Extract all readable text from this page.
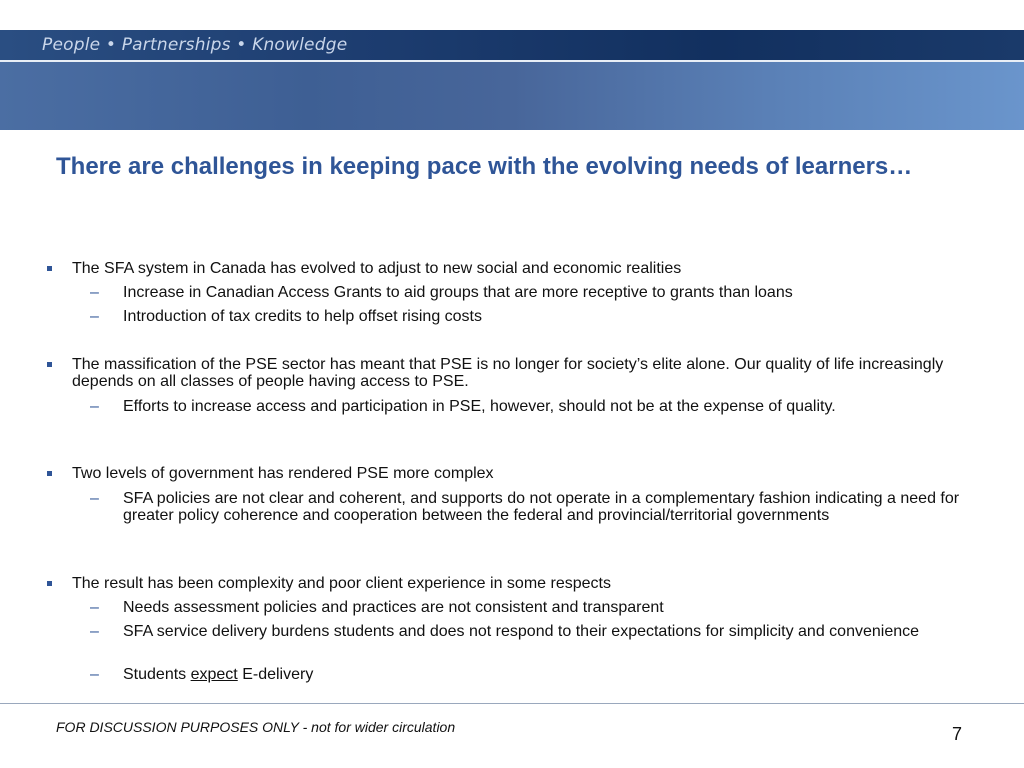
People • Partnerships • Knowledge
There are challenges in keeping pace with the evolving needs of learners…
The SFA system in Canada has evolved to adjust to new social and economic realities
– Increase in Canadian Access Grants to aid groups that are more receptive to grants than loans
– Introduction of tax credits to help offset rising costs
The massification of the PSE sector has meant that PSE is no longer for society’s elite alone. Our quality of life increasingly depends on all classes of people having access to PSE.
– Efforts to increase access and participation in PSE, however, should not be at the expense of quality.
Two levels of government has rendered PSE more complex
– SFA policies are not clear and coherent, and supports do not operate in a complementary fashion indicating a need for greater policy coherence and cooperation between the federal and provincial/territorial governments
The result has been complexity and poor client experience in some respects
– Needs assessment policies and practices are not consistent and transparent
– SFA service delivery burdens students and does not respond to their expectations for simplicity and convenience
– Students expect E-delivery
FOR DISCUSSION PURPOSES ONLY - not for wider circulation	7
